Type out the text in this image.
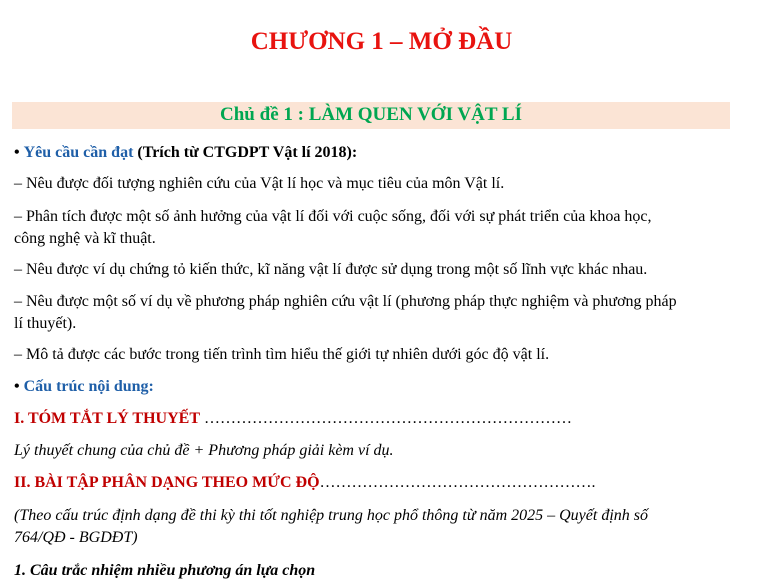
CHƯƠNG 1 – MỞ ĐẦU
Chủ đề 1 : LÀM QUEN VỚI VẬT LÍ
• Yêu cầu cần đạt (Trích từ CTGDPT Vật lí 2018):
– Nêu được đối tượng nghiên cứu của Vật lí học và mục tiêu của môn Vật lí.
– Phân tích được một số ảnh hưởng của vật lí đối với cuộc sống, đối với sự phát triển của khoa học,
công nghệ và kĩ thuật.
– Nêu được ví dụ chứng tỏ kiến thức, kĩ năng vật lí được sử dụng trong một số lĩnh vực khác nhau.
– Nêu được một số ví dụ về phương pháp nghiên cứu vật lí (phương pháp thực nghiệm và phương pháp
lí thuyết).
– Mô tả được các bước trong tiến trình tìm hiểu thế giới tự nhiên dưới góc độ vật lí.
• Cấu trúc nội dung:
I. TÓM TẮT LÝ THUYẾT ……………………………………………………………
Lý thuyết chung của chủ đề + Phương pháp giải kèm ví dụ.
II. BÀI TẬP PHÂN DẠNG THEO MỨC ĐỘ…………………………………………….
(Theo cấu trúc định dạng đề thi kỳ thi tốt nghiệp trung học phổ thông từ năm 2025 – Quyết định số
764/QĐ - BGDĐT)
1. Câu trắc nhiệm nhiều phương án lựa chọn
